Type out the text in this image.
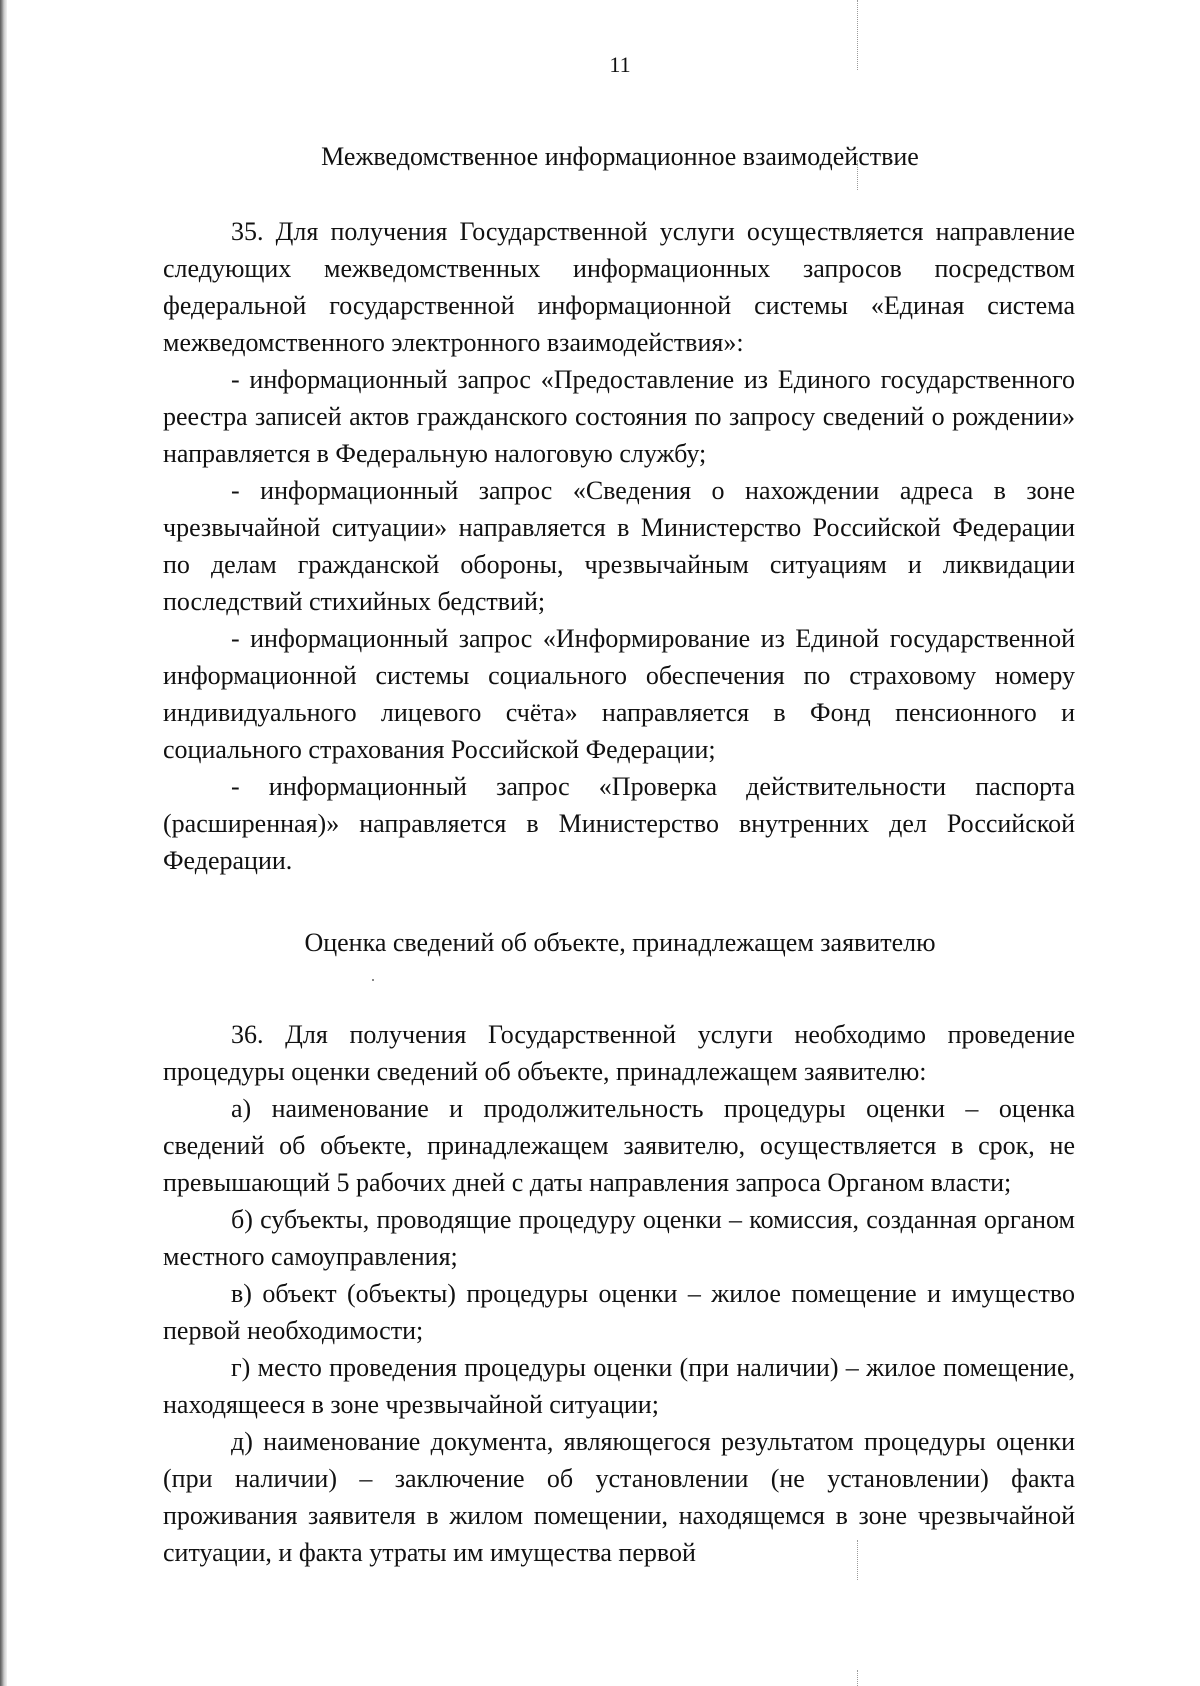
11
Межведомственное информационное взаимодействие

35. Для получения Государственной услуги осуществляется направление следующих межведомственных информационных запросов посредством федеральной государственной информационной системы «Единая система межведомственного электронного взаимодействия»:

- информационный запрос «Предоставление из Единого государственного реестра записей актов гражданского состояния по запросу сведений о рождении» направляется в Федеральную налоговую службу;

- информационный запрос «Сведения о нахождении адреса в зоне чрезвычайной ситуации» направляется в Министерство Российской Федерации по делам гражданской обороны, чрезвычайным ситуациям и ликвидации последствий стихийных бедствий;

- информационный запрос «Информирование из Единой государственной информационной системы социального обеспечения по страховому номеру индивидуального лицевого счёта» направляется в Фонд пенсионного и социального страхования Российской Федерации;

- информационный запрос «Проверка действительности паспорта (расширенная)» направляется в Министерство внутренних дел Российской Федерации.

Оценка сведений об объекте, принадлежащем заявителю

36. Для получения Государственной услуги необходимо проведение процедуры оценки сведений об объекте, принадлежащем заявителю:

а) наименование и продолжительность процедуры оценки – оценка сведений об объекте, принадлежащем заявителю, осуществляется в срок, не превышающий 5 рабочих дней с даты направления запроса Органом власти;

б) субъекты, проводящие процедуру оценки – комиссия, созданная органом местного самоуправления;

в) объект (объекты) процедуры оценки – жилое помещение и имущество первой необходимости;

г) место проведения процедуры оценки (при наличии) – жилое помещение, находящееся в зоне чрезвычайной ситуации;

д) наименование документа, являющегося результатом процедуры оценки (при наличии) – заключение об установлении (не установлении) факта проживания заявителя в жилом помещении, находящемся в зоне чрезвычайной ситуации, и факта утраты им имущества первой
